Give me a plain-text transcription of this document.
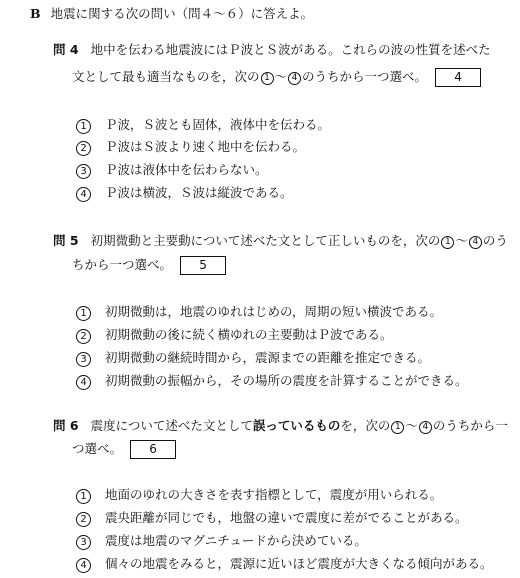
B 地震に関する次の問い（問４～６）に答えよ。
問 4 地中を伝わる地震波にはＰ波とＳ波がある。これらの波の性質を述べた
文として最も適当なものを，次の 1 ～ 4 のうちから一つ選べ。 4
1 Ｐ波，Ｓ波とも固体，液体中を伝わる。
2 Ｐ波はＳ波より速く地中を伝わる。
3 Ｐ波は液体中を伝わらない。
4 Ｐ波は横波，Ｓ波は縦波である。
問 5 初期微動と主要動について述べた文として正しいものを，次の 1 ～ 4 のう
ちから一つ選べ。 5
1 初期微動は，地震のゆれはじめの，周期の短い横波である。
2 初期微動の後に続く横ゆれの主要動はＰ波である。
3 初期微動の継続時間から，震源までの距離を推定できる。
4 初期微動の振幅から，その場所の震度を計算することができる。
問 6 震度について述べた文として誤っているものを，次の 1 ～ 4 のうちから一
つ選べ。 6
1 地面のゆれの大きさを表す指標として，震度が用いられる。
2 震央距離が同じでも，地盤の違いで震度に差がでることがある。
3 震度は地震のマグニチュードから決めている。
4 個々の地震をみると，震源に近いほど震度が大きくなる傾向がある。
